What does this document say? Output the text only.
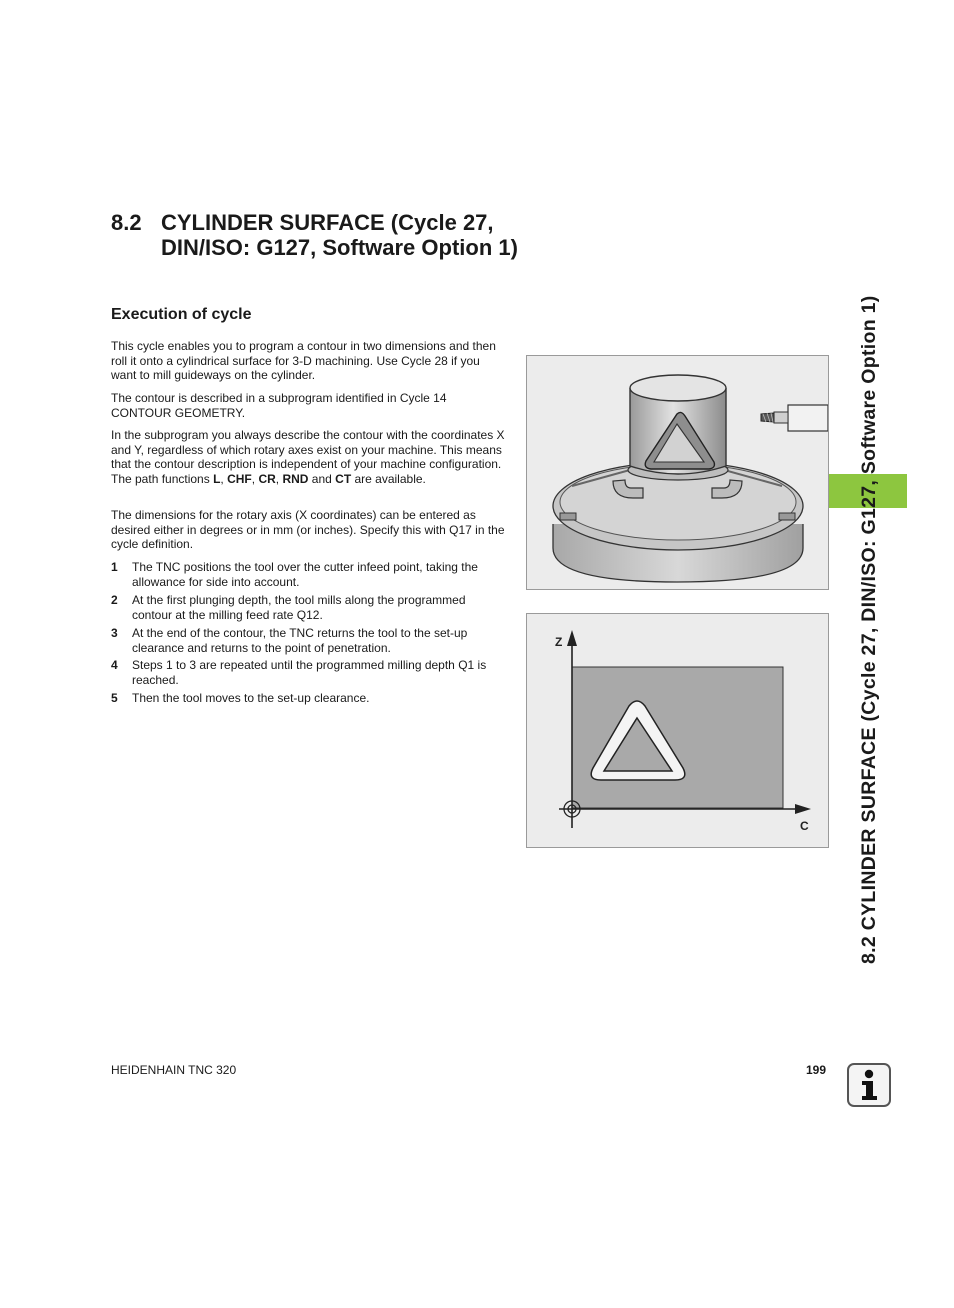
8.2 CYLINDER SURFACE (Cycle 27, DIN/ISO: G127, Software Option 1)
Execution of cycle
This cycle enables you to program a contour in two dimensions and then roll it onto a cylindrical surface for 3-D machining. Use Cycle 28 if you want to mill guideways on the cylinder.
The contour is described in a subprogram identified in Cycle 14 CONTOUR GEOMETRY.
In the subprogram you always describe the contour with the coordinates X and Y, regardless of which rotary axes exist on your machine. This means that the contour description is independent of your machine configuration. The path functions L, CHF, CR, RND and CT are available.
The dimensions for the rotary axis (X coordinates) can be entered as desired either in degrees or in mm (or inches). Specify this with Q17 in the cycle definition.
1 The TNC positions the tool over the cutter infeed point, taking the allowance for side into account.
2 At the first plunging depth, the tool mills along the programmed contour at the milling feed rate Q12.
3 At the end of the contour, the TNC returns the tool to the set-up clearance and returns to the point of penetration.
4 Steps 1 to 3 are repeated until the programmed milling depth Q1 is reached.
5 Then the tool moves to the set-up clearance.
Z
C	8.2 CYLINDER SURFACE (Cycle 27, DIN/ISO: G127, Software Option 1)
HEIDENHAIN TNC 320	199
